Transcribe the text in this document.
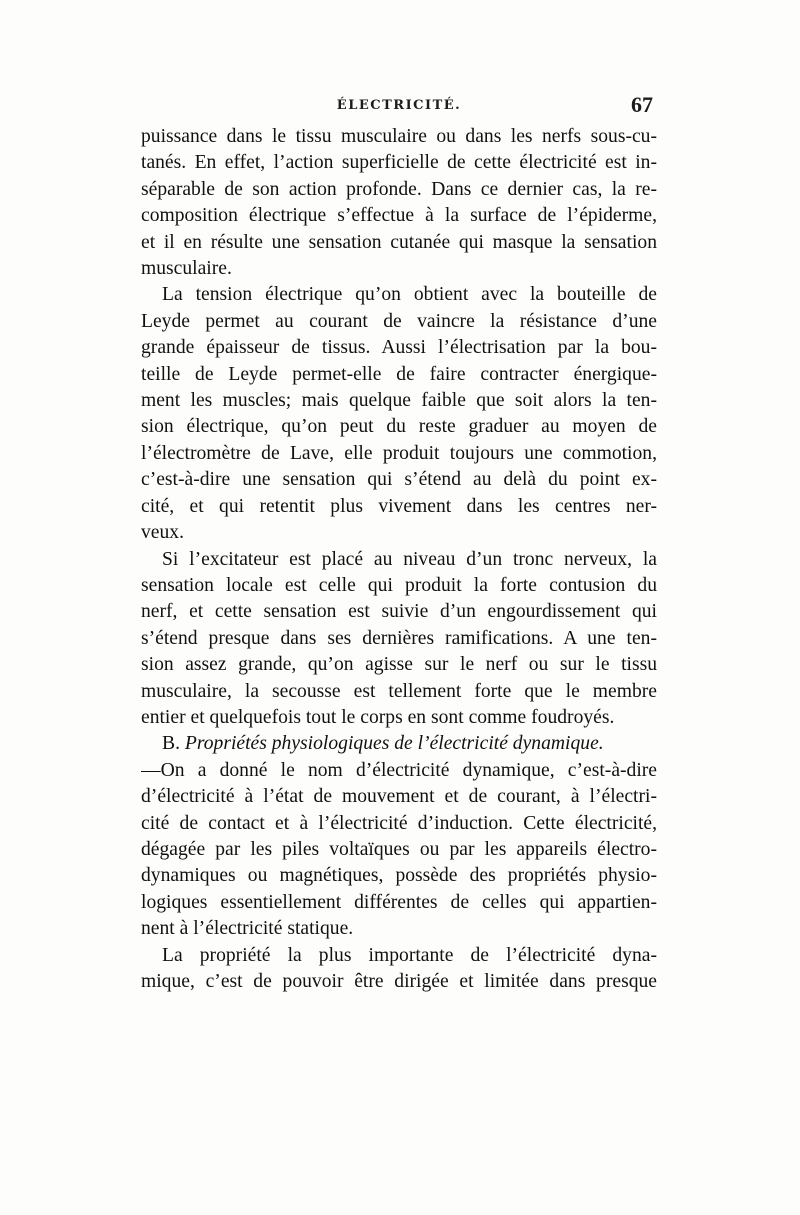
ÉLECTRICITÉ.	67
puissance dans le tissu musculaire ou dans les nerfs sous-cu-
tanés. En effet, l’action superficielle de cette électricité est in-
séparable de son action profonde. Dans ce dernier cas, la re-
composition électrique s’effectue à la surface de l’épiderme,
et il en résulte une sensation cutanée qui masque la sensation
musculaire.
La tension électrique qu’on obtient avec la bouteille de
Leyde permet au courant de vaincre la résistance d’une
grande épaisseur de tissus. Aussi l’électrisation par la bou-
teille de Leyde permet-elle de faire contracter énergique-
ment les muscles; mais quelque faible que soit alors la ten-
sion électrique, qu’on peut du reste graduer au moyen de
l’électromètre de Lave, elle produit toujours une commotion,
c’est-à-dire une sensation qui s’étend au delà du point ex-
cité, et qui retentit plus vivement dans les centres ner-
veux.
Si l’excitateur est placé au niveau d’un tronc nerveux, la
sensation locale est celle qui produit la forte contusion du
nerf, et cette sensation est suivie d’un engourdissement qui
s’étend presque dans ses dernières ramifications. A une ten-
sion assez grande, qu’on agisse sur le nerf ou sur le tissu
musculaire, la secousse est tellement forte que le membre
entier et quelquefois tout le corps en sont comme foudroyés.
B. Propriétés physiologiques de l’électricité dynamique.
—On a donné le nom d’électricité dynamique, c’est-à-dire
d’électricité à l’état de mouvement et de courant, à l’électri-
cité de contact et à l’électricité d’induction. Cette électricité,
dégagée par les piles voltaïques ou par les appareils électro-
dynamiques ou magnétiques, possède des propriétés physio-
logiques essentiellement différentes de celles qui appartien-
nent à l’électricité statique.
La propriété la plus importante de l’électricité dyna-
mique, c’est de pouvoir être dirigée et limitée dans presque
